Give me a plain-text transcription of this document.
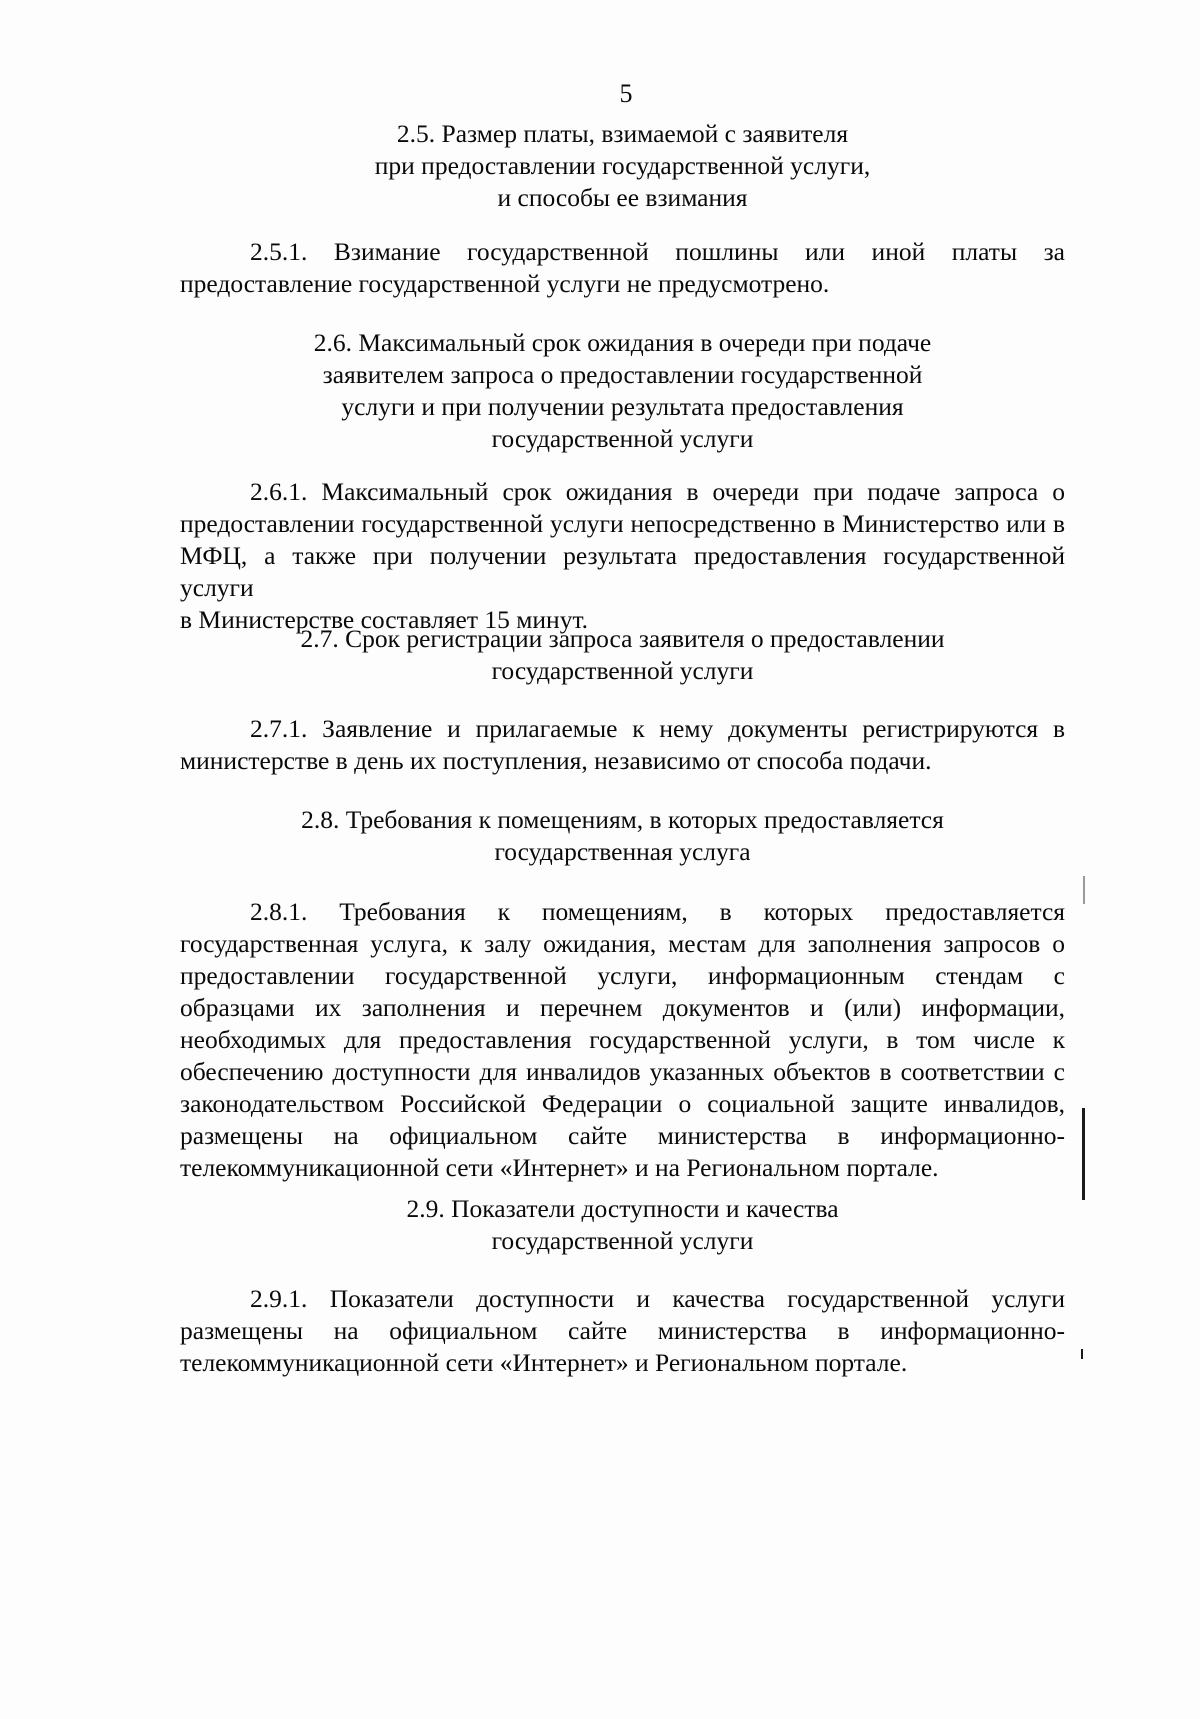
5
2.5. Размер платы, взимаемой с заявителя
при предоставлении государственной услуги,
и способы ее взимания

2.5.1. Взимание государственной пошлины или иной платы за
предоставление государственной услуги не предусмотрено.

2.6. Максимальный срок ожидания в очереди при подаче
заявителем запроса о предоставлении государственной
услуги и при получении результата предоставления
государственной услуги

2.6.1. Максимальный срок ожидания в очереди при подаче запроса о
предоставлении государственной услуги непосредственно в Министерство или в
МФЦ, а также при получении результата предоставления государственной услуги
в Министерстве составляет 15 минут.

2.7. Срок регистрации запроса заявителя о предоставлении
государственной услуги

2.7.1. Заявление и прилагаемые к нему документы регистрируются в
министерстве в день их поступления, независимо от способа подачи.

2.8. Требования к помещениям, в которых предоставляется
государственная услуга

2.8.1. Требования к помещениям, в которых предоставляется
государственная услуга, к залу ожидания, местам для заполнения запросов о
предоставлении государственной услуги, информационным стендам с
образцами их заполнения и перечнем документов и (или) информации,
необходимых для предоставления государственной услуги, в том числе к
обеспечению доступности для инвалидов указанных объектов в соответствии с
законодательством Российской Федерации о социальной защите инвалидов,
размещены на официальном сайте министерства в информационно-
телекоммуникационной сети «Интернет» и на Региональном портале.

2.9. Показатели доступности и качества
государственной услуги

2.9.1. Показатели доступности и качества государственной услуги
размещены на официальном сайте министерства в информационно-
телекоммуникационной сети «Интернет» и Региональном портале.
